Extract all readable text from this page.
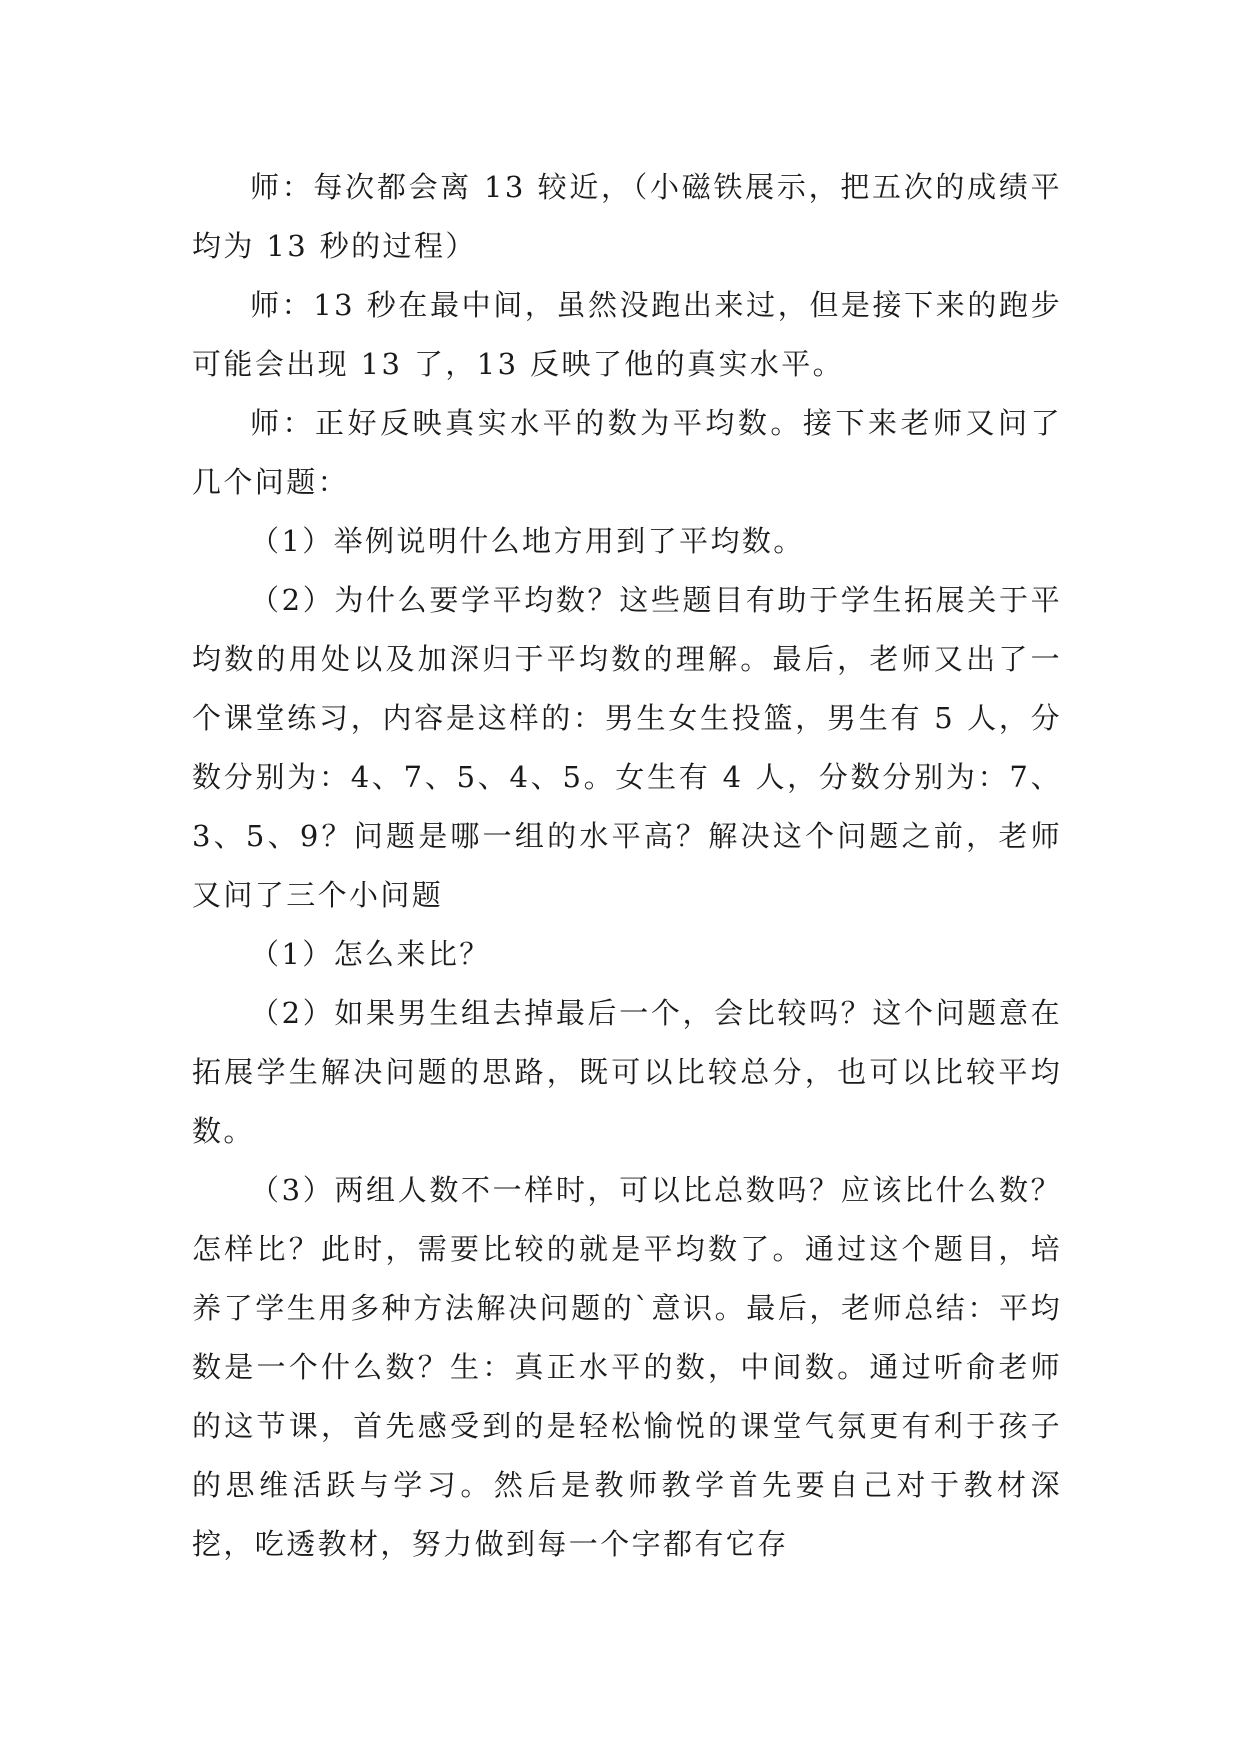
师：每次都会离 13 较近，（小磁铁展示，把五次的成绩平均为 13 秒的过程）

师：13 秒在最中间，虽然没跑出来过，但是接下来的跑步可能会出现 13 了，13 反映了他的真实水平。

师：正好反映真实水平的数为平均数。接下来老师又问了几个问题：

（1）举例说明什么地方用到了平均数。

（2）为什么要学平均数？这些题目有助于学生拓展关于平均数的用处以及加深归于平均数的理解。最后，老师又出了一个课堂练习，内容是这样的：男生女生投篮，男生有 5 人，分数分别为：4、7、5、4、5。女生有 4 人，分数分别为：7、3、5、9？问题是哪一组的水平高？解决这个问题之前，老师又问了三个小问题

（1）怎么来比？

（2）如果男生组去掉最后一个，会比较吗？这个问题意在拓展学生解决问题的思路，既可以比较总分，也可以比较平均数。

（3）两组人数不一样时，可以比总数吗？应该比什么数？怎样比？此时，需要比较的就是平均数了。通过这个题目，培养了学生用多种方法解决问题的`意识。最后，老师总结：平均数是一个什么数？生：真正水平的数，中间数。通过听俞老师的这节课，首先感受到的是轻松愉悦的课堂气氛更有利于孩子的思维活跃与学习。然后是教师教学首先要自己对于教材深挖，吃透教材，努力做到每一个字都有它存
